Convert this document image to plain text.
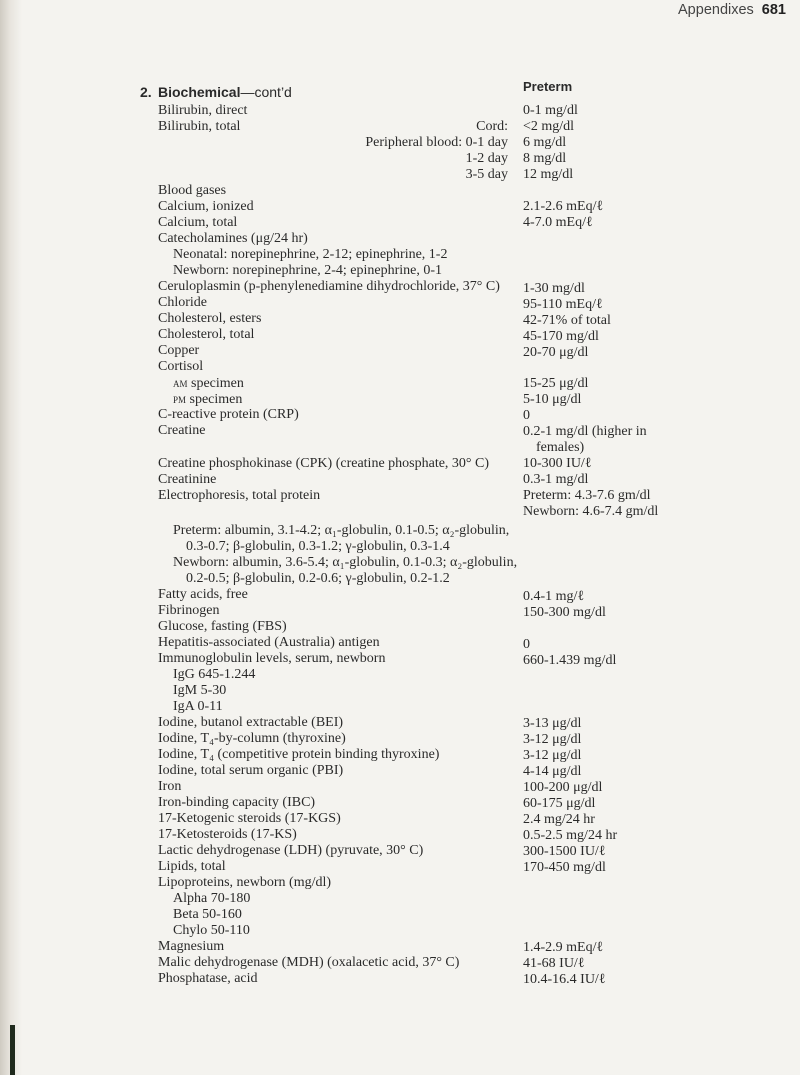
Appendixes 681
2. Biochemical—cont’d	Preterm
Bilirubin, direct	0-1 mg/dl
Bilirubin, total	Cord: <2 mg/dl
Peripheral blood: 0-1 day 6 mg/dl
1-2 day 8 mg/dl
3-5 day 12 mg/dl
Blood gases
Calcium, ionized	2.1-2.6 mEq/ℓ
Calcium, total	4-7.0 mEq/ℓ
Catecholamines (μg/24 hr)
Neonatal: norepinephrine, 2-12; epinephrine, 1-2
Newborn: norepinephrine, 2-4; epinephrine, 0-1
Ceruloplasmin (p-phenylenediamine dihydrochloride, 37° C) 1-30 mg/dl
Chloride	95-110 mEq/ℓ
Cholesterol, esters	42-71% of total
Cholesterol, total	45-170 mg/dl
Copper	20-70 μg/dl
Cortisol
am specimen	15-25 μg/dl
pm specimen	5-10 μg/dl
C-reactive protein (CRP)	0
Creatine	0.2-1 mg/dl (higher in
females)
Creatine phosphokinase (CPK) (creatine phosphate, 30° C) 10-300 IU/ℓ
Creatinine	0.3-1 mg/dl
Electrophoresis, total protein	Preterm: 4.3-7.6 gm/dl
Newborn: 4.6-7.4 gm/dl
Preterm: albumin, 3.1-4.2; α₁-globulin, 0.1-0.5; α₂-globulin,
0.3-0.7; β-globulin, 0.3-1.2; γ-globulin, 0.3-1.4
Newborn: albumin, 3.6-5.4; α₁-globulin, 0.1-0.3; α₂-globulin,
0.2-0.5; β-globulin, 0.2-0.6; γ-globulin, 0.2-1.2
Fatty acids, free	0.4-1 mg/ℓ
Fibrinogen	150-300 mg/dl
Glucose, fasting (FBS)
Hepatitis-associated (Australia) antigen	0
Immunoglobulin levels, serum, newborn	660-1.439 mg/dl
IgG 645-1.244
IgM 5-30
IgA 0-11
Iodine, butanol extractable (BEI)	3-13 μg/dl
Iodine, T₄-by-column (thyroxine)	3-12 μg/dl
Iodine, T₄ (competitive protein binding thyroxine)	3-12 μg/dl
Iodine, total serum organic (PBI)	4-14 μg/dl
Iron	100-200 μg/dl
Iron-binding capacity (IBC)	60-175 μg/dl
17-Ketogenic steroids (17-KGS)	2.4 mg/24 hr
17-Ketosteroids (17-KS)	0.5-2.5 mg/24 hr
Lactic dehydrogenase (LDH) (pyruvate, 30° C)	300-1500 IU/ℓ
Lipids, total	170-450 mg/dl
Lipoproteins, newborn (mg/dl)
Alpha 70-180
Beta 50-160
Chylo 50-110
Magnesium	1.4-2.9 mEq/ℓ
Malic dehydrogenase (MDH) (oxalacetic acid, 37° C)	41-68 IU/ℓ
Phosphatase, acid	10.4-16.4 IU/ℓ
